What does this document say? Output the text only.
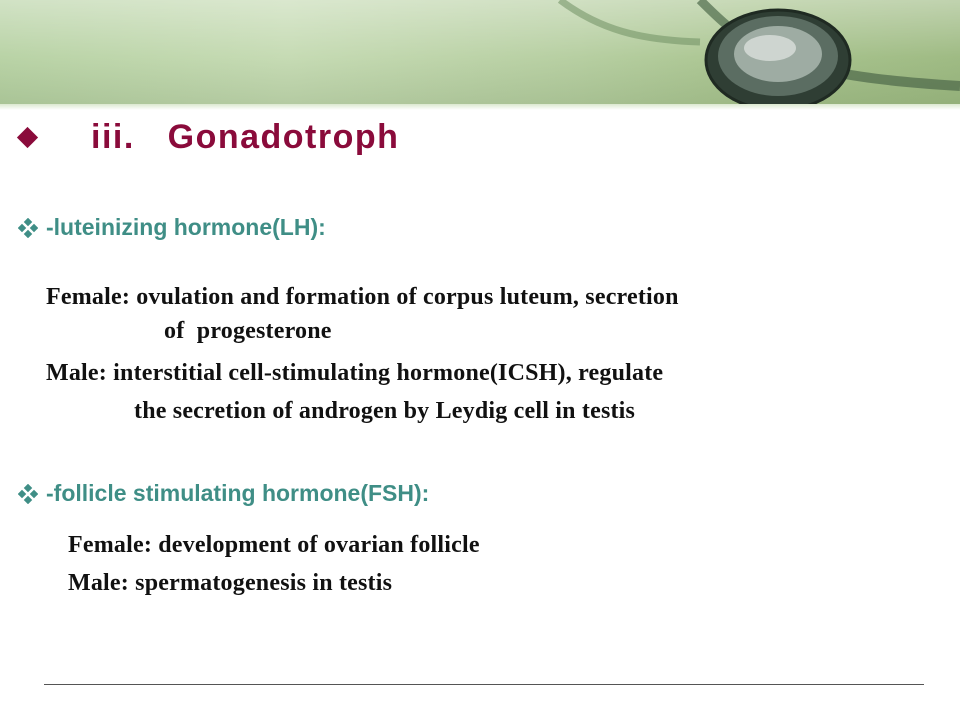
iii.   Gonadotroph
-luteinizing hormone(LH):
Female: ovulation and formation of corpus luteum, secretion
of  progesterone
Male: interstitial cell-stimulating hormone(ICSH), regulate
the secretion of androgen by Leydig cell in testis
-follicle stimulating hormone(FSH):
Female: development of ovarian follicle
Male: spermatogenesis in testis
